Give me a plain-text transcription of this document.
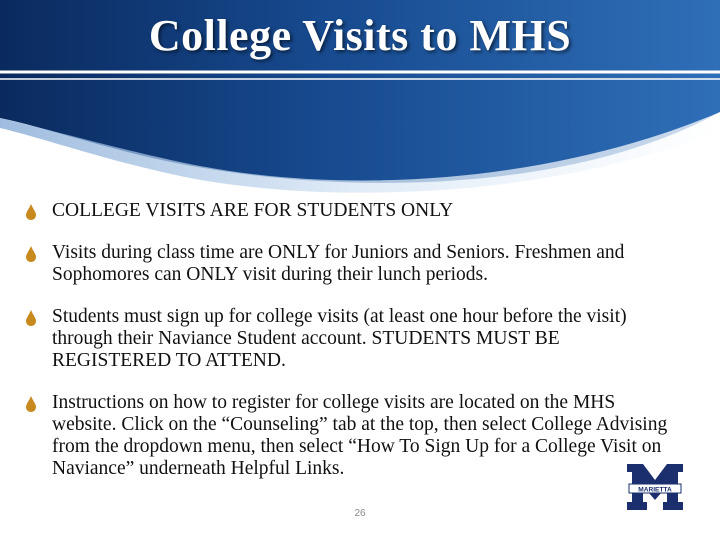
College Visits to MHS
COLLEGE VISITS ARE FOR STUDENTS ONLY
Visits during class time are ONLY for Juniors and Seniors. Freshmen and Sophomores can ONLY visit during their lunch periods.
Students must sign up for college visits (at least one hour before the visit) through their Naviance Student account. STUDENTS MUST BE REGISTERED TO ATTEND.
Instructions on how to register for college visits are located on the MHS website. Click on the “Counseling” tab at the top, then select College Advising from the dropdown menu, then select “How To Sign Up for a College Visit on Naviance” underneath Helpful Links.
MARIETTA
26
